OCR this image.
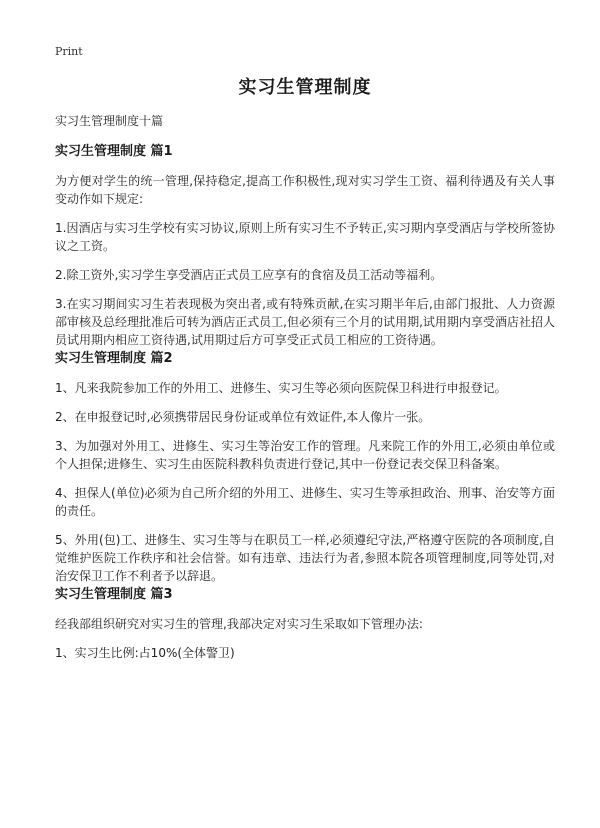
Print
实习生管理制度
实习生管理制度十篇
实习生管理制度 篇1

为方便对学生的统一管理,保持稳定,提高工作积极性,现对实习学生工资、福利待遇及有关人事变动作如下规定:

1.因酒店与实习生学校有实习协议,原则上所有实习生不予转正,实习期内享受酒店与学校所签协议之工资。

2.除工资外,实习学生享受酒店正式员工应享有的食宿及员工活动等福利。

3.在实习期间实习生若表现极为突出者,或有特殊贡献,在实习期半年后,由部门报批、人力资源部审核及总经理批准后可转为酒店正式员工,但必须有三个月的试用期,试用期内享受酒店社招人员试用期内相应工资待遇,试用期过后方可享受正式员工相应的工资待遇。

实习生管理制度 篇2

1、凡来我院参加工作的外用工、进修生、实习生等必须向医院保卫科进行申报登记。

2、在申报登记时,必须携带居民身份证或单位有效证件,本人像片一张。

3、为加强对外用工、进修生、实习生等治安工作的管理。凡来院工作的外用工,必须由单位或个人担保;进修生、实习生由医院科教科负责进行登记,其中一份登记表交保卫科备案。

4、担保人(单位)必须为自己所介绍的外用工、进修生、实习生等承担政治、刑事、治安等方面的责任。

5、外用(包)工、进修生、实习生等与在职员工一样,必须遵纪守法,严格遵守医院的各项制度,自觉维护医院工作秩序和社会信誉。如有违章、违法行为者,参照本院各项管理制度,同等处罚,对治安保卫工作不利者予以辞退。

实习生管理制度 篇3

经我部组织研究对实习生的管理,我部决定对实习生采取如下管理办法:

1、实习生比例:占10%(全体警卫)
